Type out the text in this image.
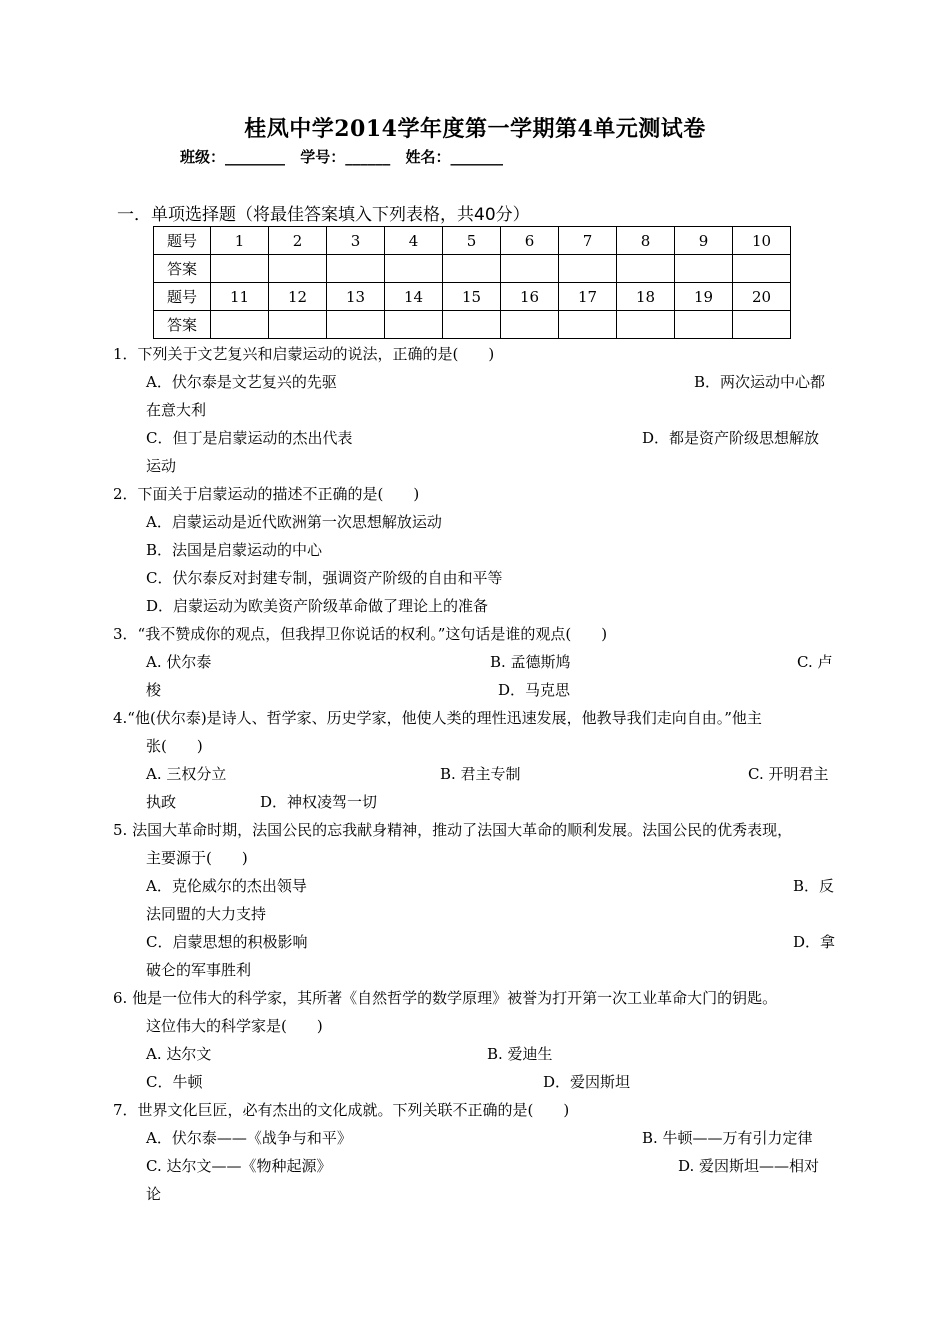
桂凤中学2014学年度第一学期第4单元测试卷
班级：________ 学号：______ 姓名：_______
一．单项选择题（将最佳答案填入下列表格，共40分）
题号	1	2	3	4	5	6	7	8	9	10
答案										
题号	11	12	13	14	15	16	17	18	19	20
答案										
1．下列关于文艺复兴和启蒙运动的说法，正确的是(　　)
A．伏尔泰是文艺复兴的先驱	B．两次运动中心都
在意大利
C．但丁是启蒙运动的杰出代表	D．都是资产阶级思想解放
运动
2．下面关于启蒙运动的描述不正确的是(　　)
A．启蒙运动是近代欧洲第一次思想解放运动
B．法国是启蒙运动的中心
C．伏尔泰反对封建专制，强调资产阶级的自由和平等
D．启蒙运动为欧美资产阶级革命做了理论上的准备
3．“我不赞成你的观点，但我捍卫你说话的权利。”这句话是谁的观点(　　)
A. 伏尔泰	B. 孟德斯鸠	C. 卢
梭	D．马克思
4.“他(伏尔泰)是诗人、哲学家、历史学家，他使人类的理性迅速发展，他教导我们走向自由。”他主
张(　　)
A. 三权分立	B. 君主专制	C. 开明君主
执政	D．神权凌驾一切
5. 法国大革命时期，法国公民的忘我献身精神，推动了法国大革命的顺利发展。法国公民的优秀表现，
主要源于(　　)
A．克伦威尔的杰出领导	B．反
法同盟的大力支持
C．启蒙思想的积极影响	D．拿
破仑的军事胜利
6. 他是一位伟大的科学家，其所著《自然哲学的数学原理》被誉为打开第一次工业革命大门的钥匙。
这位伟大的科学家是(　　)
A. 达尔文	B. 爱迪生
C．牛顿	D．爱因斯坦
7．世界文化巨匠，必有杰出的文化成就。下列关联不正确的是(　　)
A．伏尔泰——《战争与和平》	B. 牛顿——万有引力定律
C. 达尔文——《物种起源》	D. 爱因斯坦——相对
论
